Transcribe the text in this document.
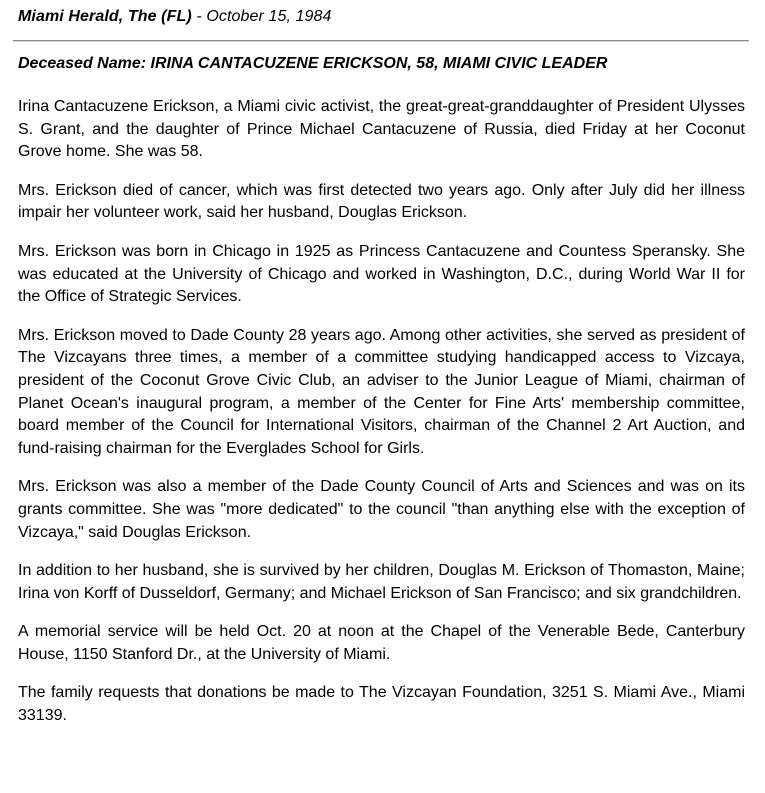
Miami Herald, The (FL) - October 15, 1984
Deceased Name: IRINA CANTACUZENE ERICKSON, 58, MIAMI CIVIC LEADER

Irina Cantacuzene Erickson, a Miami civic activist, the great-great-granddaughter of President Ulysses S. Grant, and the daughter of Prince Michael Cantacuzene of Russia, died Friday at her Coconut Grove home. She was 58.

Mrs. Erickson died of cancer, which was first detected two years ago. Only after July did her illness impair her volunteer work, said her husband, Douglas Erickson.

Mrs. Erickson was born in Chicago in 1925 as Princess Cantacuzene and Countess Speransky. She was educated at the University of Chicago and worked in Washington, D.C., during World War II for the Office of Strategic Services.

Mrs. Erickson moved to Dade County 28 years ago. Among other activities, she served as president of The Vizcayans three times, a member of a committee studying handicapped access to Vizcaya, president of the Coconut Grove Civic Club, an adviser to the Junior League of Miami, chairman of Planet Ocean's inaugural program, a member of the Center for Fine Arts' membership committee, board member of the Council for International Visitors, chairman of the Channel 2 Art Auction, and fund-raising chairman for the Everglades School for Girls.

Mrs. Erickson was also a member of the Dade County Council of Arts and Sciences and was on its grants committee. She was "more dedicated" to the council "than anything else with the exception of Vizcaya," said Douglas Erickson.

In addition to her husband, she is survived by her children, Douglas M. Erickson of Thomaston, Maine; Irina von Korff of Dusseldorf, Germany; and Michael Erickson of San Francisco; and six grandchildren.

A memorial service will be held Oct. 20 at noon at the Chapel of the Venerable Bede, Canterbury House, 1150 Stanford Dr., at the University of Miami.

The family requests that donations be made to The Vizcayan Foundation, 3251 S. Miami Ave., Miami 33139.
